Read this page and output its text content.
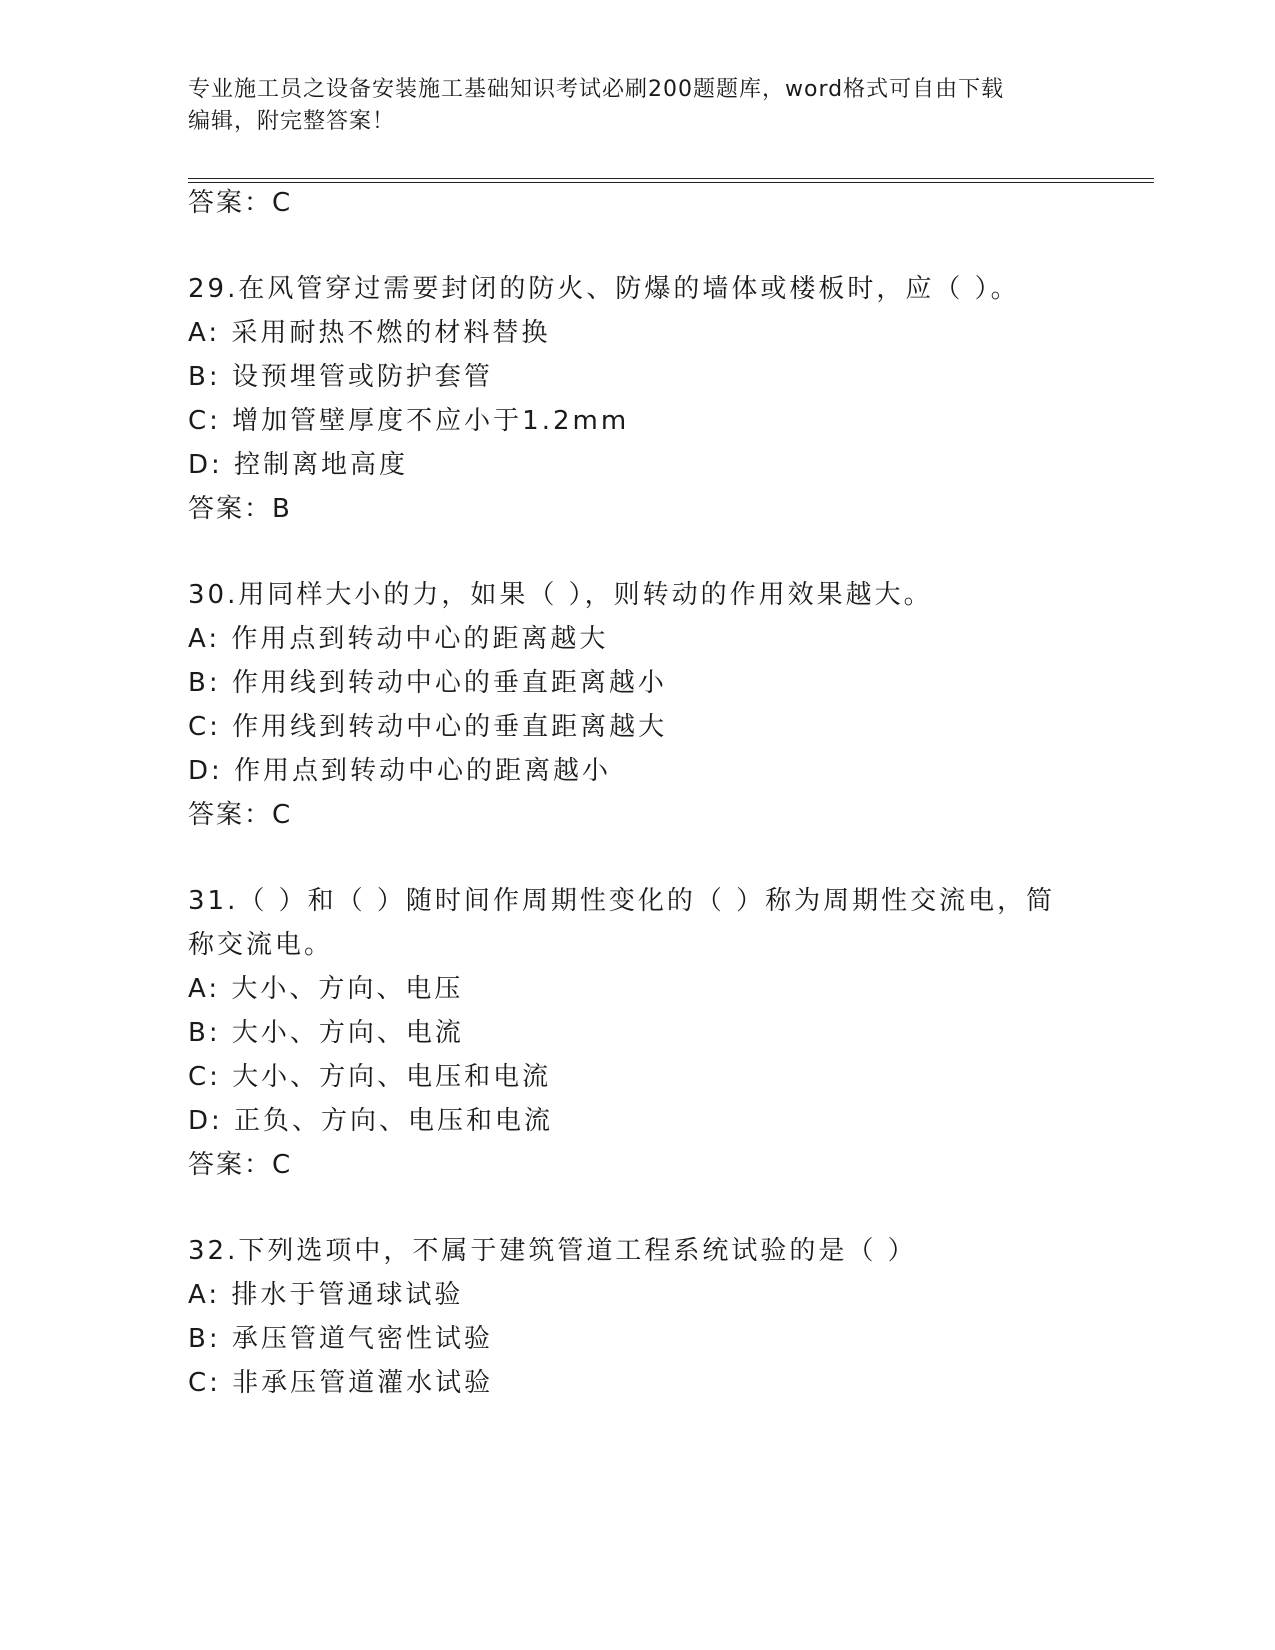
专业施工员之设备安装施工基础知识考试必刷200题题库，word格式可自由下载
编辑，附完整答案！
答案：C
29.在风管穿过需要封闭的防火、防爆的墙体或楼板时，应（ ）。
A: 采用耐热不燃的材料替换
B: 设预埋管或防护套管
C: 增加管壁厚度不应小于1.2mm
D: 控制离地高度
答案：B
30.用同样大小的力，如果（ ），则转动的作用效果越大。
A: 作用点到转动中心的距离越大
B: 作用线到转动中心的垂直距离越小
C: 作用线到转动中心的垂直距离越大
D: 作用点到转动中心的距离越小
答案：C
31.（ ）和（ ）随时间作周期性变化的（ ）称为周期性交流电，简
称交流电。
A: 大小、方向、电压
B: 大小、方向、电流
C: 大小、方向、电压和电流
D: 正负、方向、电压和电流
答案：C
32.下列选项中，不属于建筑管道工程系统试验的是（ ）
A: 排水于管通球试验
B: 承压管道气密性试验
C: 非承压管道灌水试验
